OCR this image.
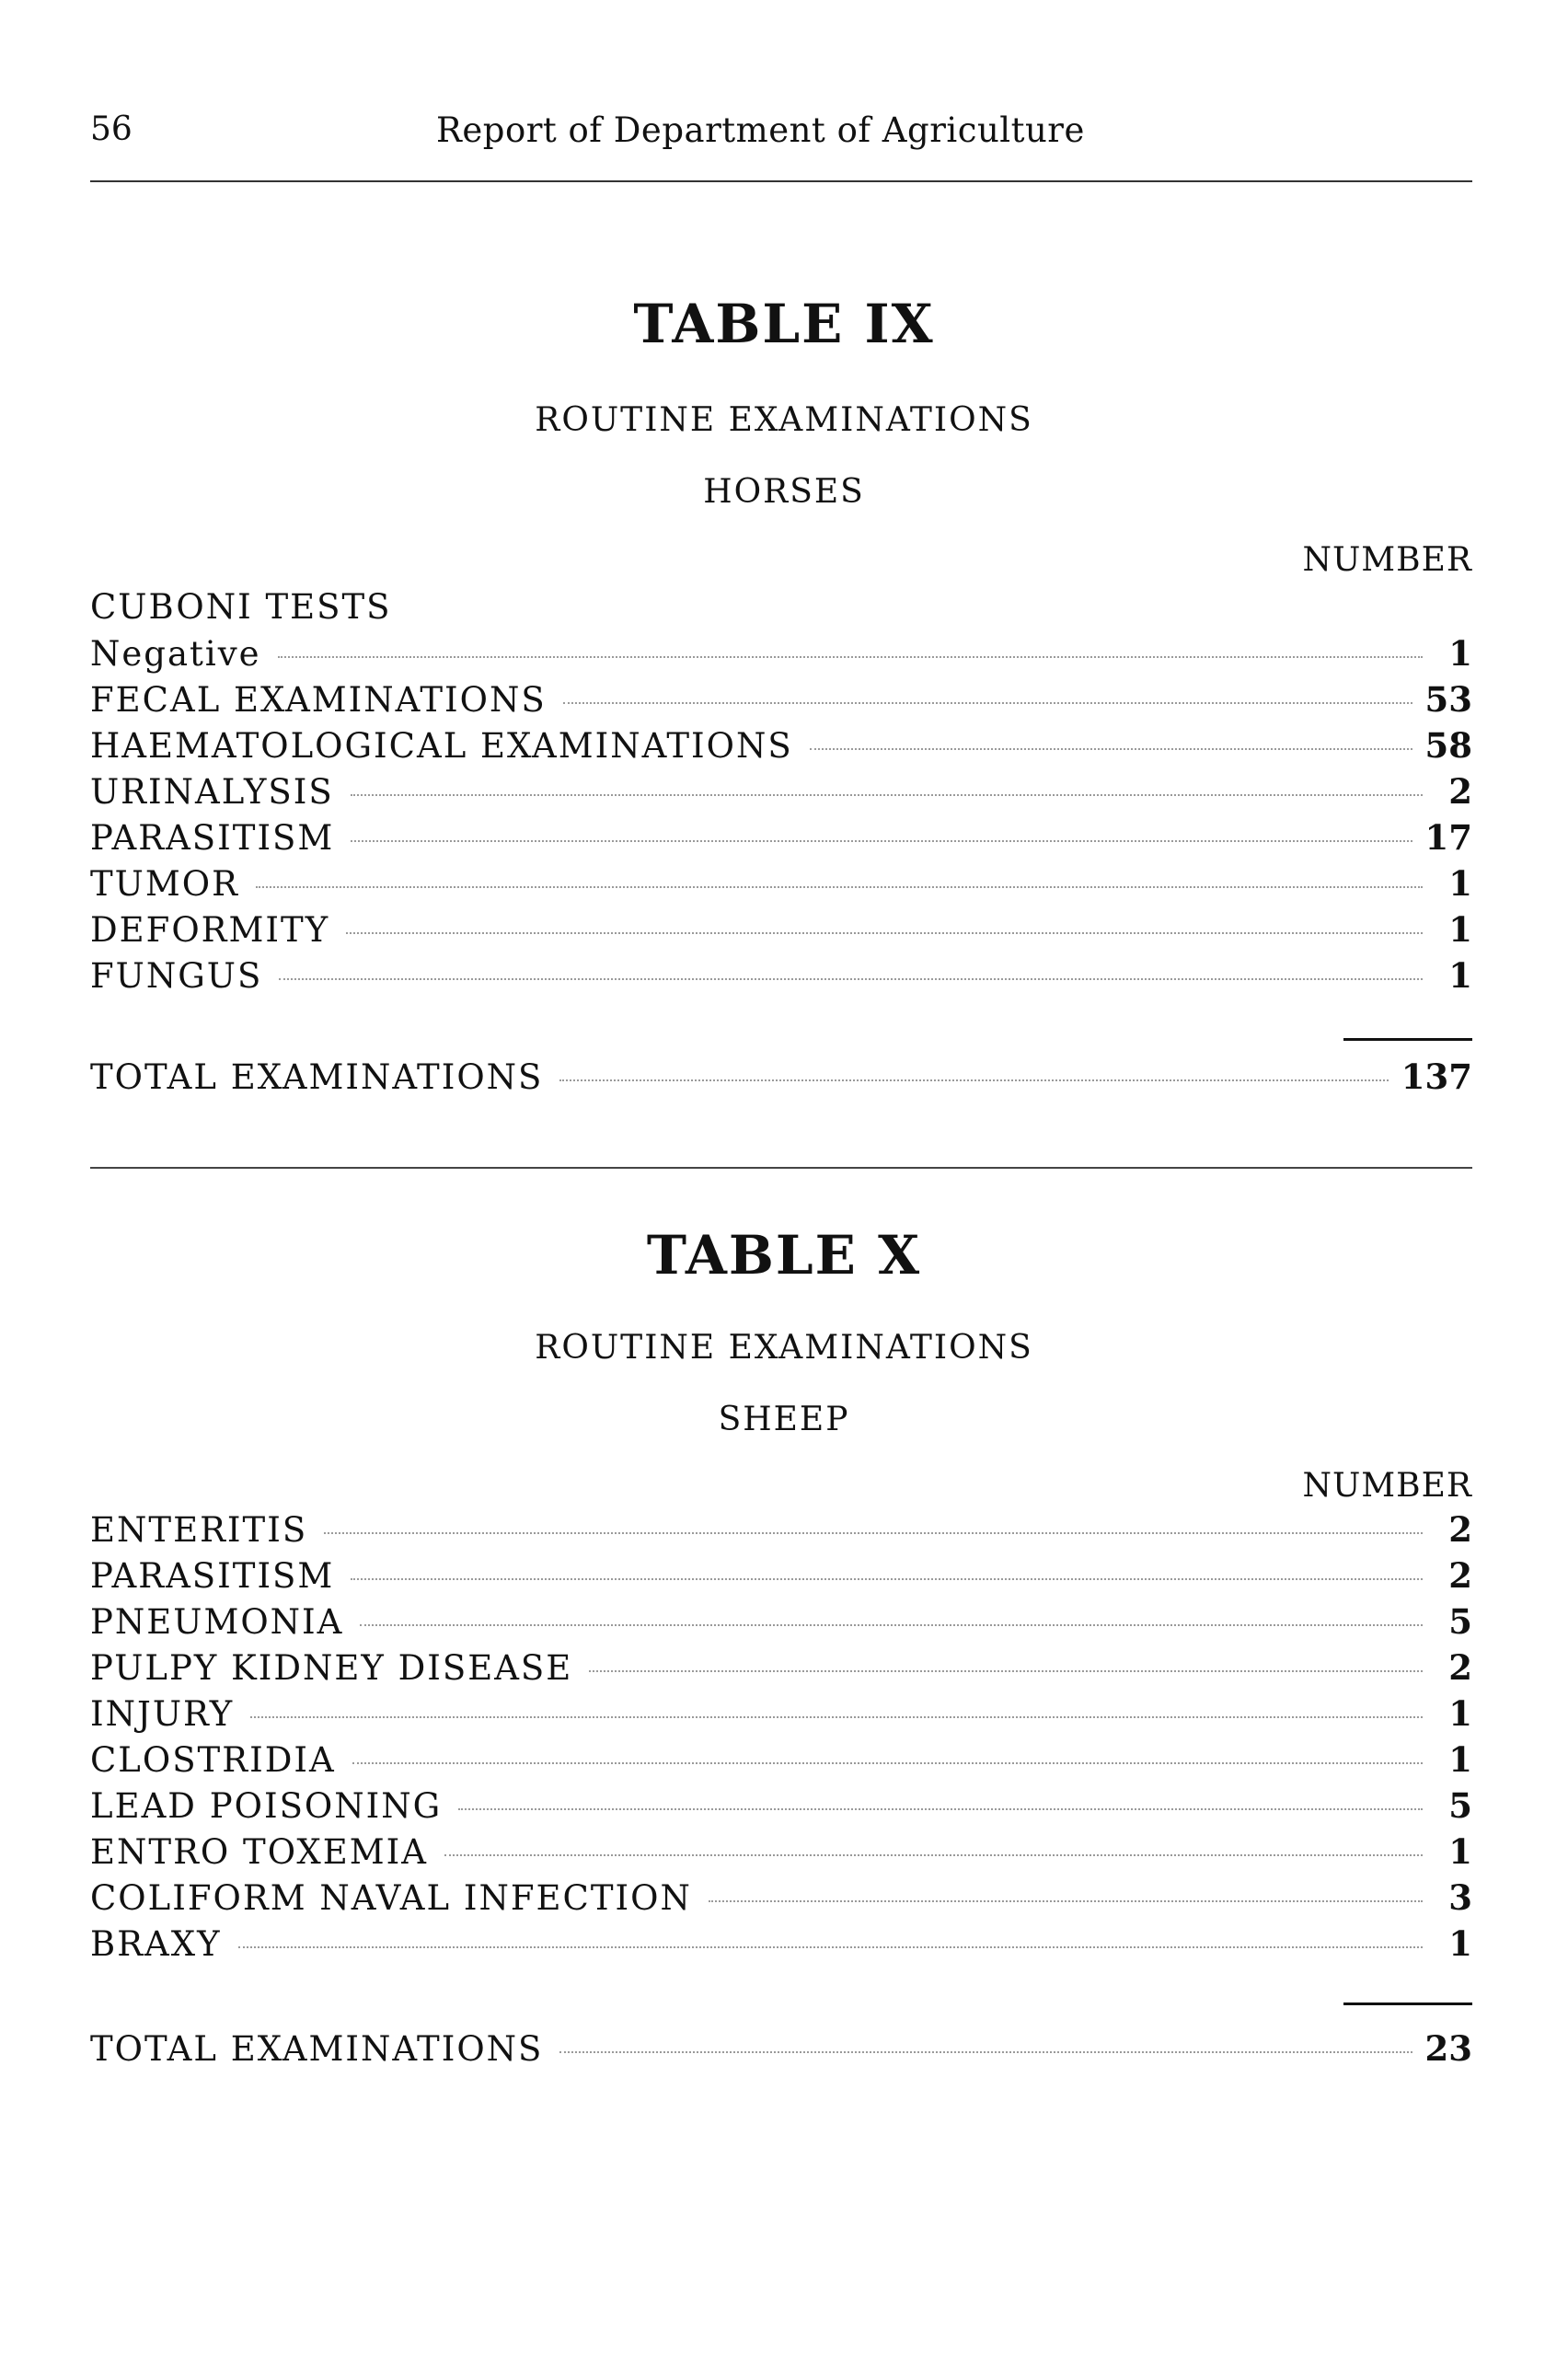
56	Report of Department of Agriculture
TABLE IX
ROUTINE EXAMINATIONS
HORSES
NUMBER
CUBONI TESTS
Negative	1
FECAL EXAMINATIONS	53
HAEMATOLOGICAL EXAMINATIONS	58
URINALYSIS	2
PARASITISM	17
TUMOR	1
DEFORMITY	1
FUNGUS	1
TOTAL EXAMINATIONS	137
TABLE X
ROUTINE EXAMINATIONS
SHEEP
NUMBER
ENTERITIS	2
PARASITISM	2
PNEUMONIA	5
PULPY KIDNEY DISEASE	2
INJURY	1
CLOSTRIDIA	1
LEAD POISONING	5
ENTRO TOXEMIA	1
COLIFORM NAVAL INFECTION	3
BRAXY	1
TOTAL EXAMINATIONS	23
